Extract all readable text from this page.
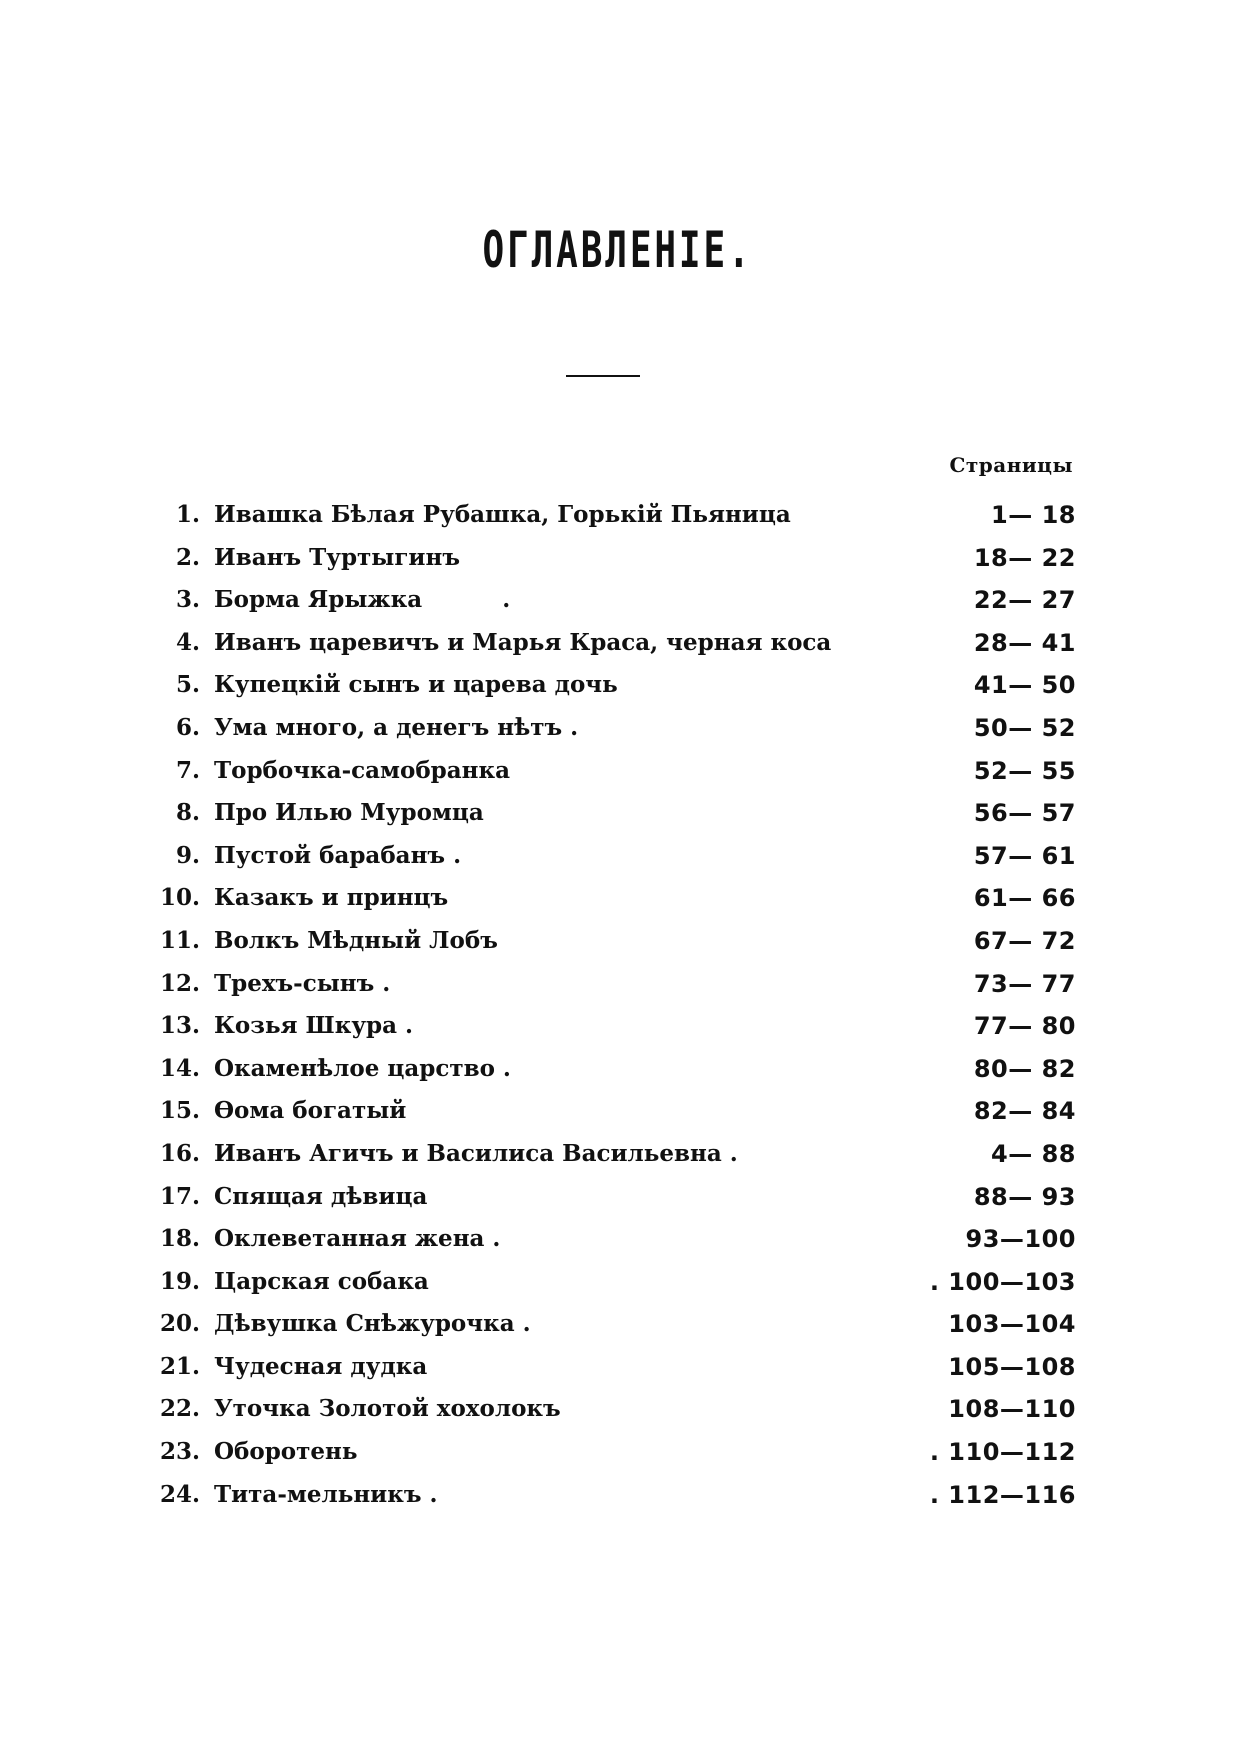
ОГЛАВЛЕНІЕ.
Страницы
1. Ивашка Бѣлая Рубашка, Горькій Пьяница	1— 18
2. Иванъ Туртыгинъ	18— 22
3. Борма Ярыжка          .	22— 27
4. Иванъ царевичъ и Марья Краса, черная коса	28— 41
5. Купецкій сынъ и царева дочь	41— 50
6. Ума много, а денегъ нѣтъ .	50— 52
7. Торбочка-самобранка	52— 55
8. Про Илью Муромца	56— 57
9. Пустой барабанъ .	57— 61
10. Казакъ и принцъ	61— 66
11. Волкъ Мѣдный Лобъ	67— 72
12. Трехъ-сынъ .	73— 77
13. Козья Шкура .	77— 80
14. Окаменѣлое царство .	80— 82
15. Ѳома богатый	82— 84
16. Иванъ Агичъ и Василиса Васильевна .	4— 88
17. Спящая дѣвица	88— 93
18. Оклеветанная жена .	93—100
19. Царская собака	. 100—103
20. Дѣвушка Снѣжурочка .	103—104
21. Чудесная дудка	105—108
22. Уточка Золотой хохолокъ	108—110
23. Оборотень	. 110—112
24. Тита-мельникъ .	. 112—116
